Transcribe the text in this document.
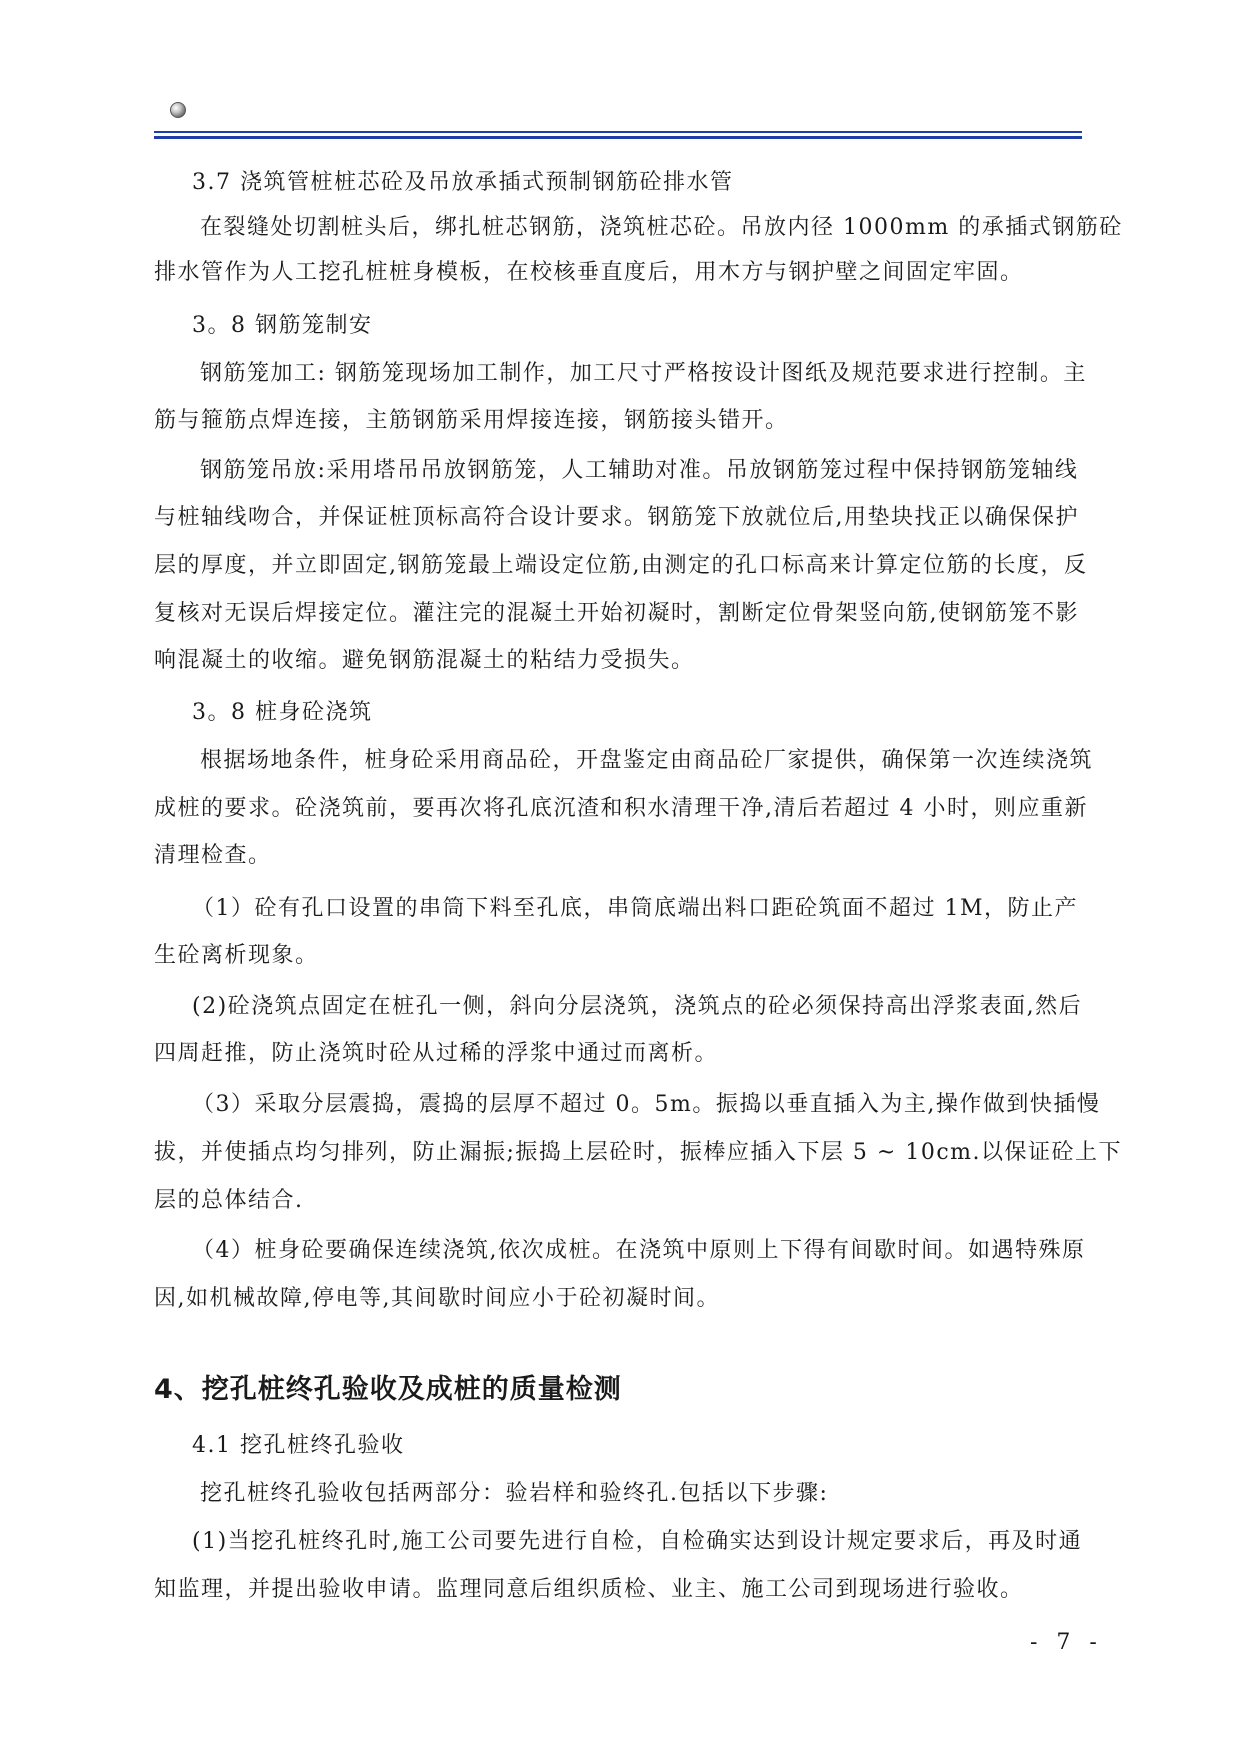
3.7 浇筑管桩桩芯砼及吊放承插式预制钢筋砼排水管
在裂缝处切割桩头后，绑扎桩芯钢筋，浇筑桩芯砼。吊放内径 1000mm 的承插式钢筋砼
排水管作为人工挖孔桩桩身模板，在校核垂直度后，用木方与钢护壁之间固定牢固。
3。8 钢筋笼制安
钢筋笼加工: 钢筋笼现场加工制作，加工尺寸严格按设计图纸及规范要求进行控制。主
筋与箍筋点焊连接，主筋钢筋采用焊接连接，钢筋接头错开。
钢筋笼吊放:采用塔吊吊放钢筋笼，人工辅助对准。吊放钢筋笼过程中保持钢筋笼轴线
与桩轴线吻合，并保证桩顶标高符合设计要求。钢筋笼下放就位后,用垫块找正以确保保护
层的厚度，并立即固定,钢筋笼最上端设定位筋,由测定的孔口标高来计算定位筋的长度，反
复核对无误后焊接定位。灌注完的混凝土开始初凝时，割断定位骨架竖向筋,使钢筋笼不影
响混凝土的收缩。避免钢筋混凝土的粘结力受损失。
3。8 桩身砼浇筑
根据场地条件，桩身砼采用商品砼，开盘鉴定由商品砼厂家提供，确保第一次连续浇筑
成桩的要求。砼浇筑前，要再次将孔底沉渣和积水清理干净,清后若超过 4 小时，则应重新
清理检查。
（1）砼有孔口设置的串筒下料至孔底，串筒底端出料口距砼筑面不超过 1M，防止产
生砼离析现象。
(2)砼浇筑点固定在桩孔一侧，斜向分层浇筑，浇筑点的砼必须保持高出浮浆表面,然后
四周赶推，防止浇筑时砼从过稀的浮浆中通过而离析。
（3）采取分层震捣，震捣的层厚不超过 0。5m。振捣以垂直插入为主,操作做到快插慢
拔，并使插点均匀排列，防止漏振;振捣上层砼时，振棒应插入下层 5 ~ 10cm.以保证砼上下
层的总体结合.
（4）桩身砼要确保连续浇筑,依次成桩。在浇筑中原则上下得有间歇时间。如遇特殊原
因,如机械故障,停电等,其间歇时间应小于砼初凝时间。
4、挖孔桩终孔验收及成桩的质量检测
4.1 挖孔桩终孔验收
挖孔桩终孔验收包括两部分：验岩样和验终孔.包括以下步骤:
(1)当挖孔桩终孔时,施工公司要先进行自检，自检确实达到设计规定要求后，再及时通
知监理，并提出验收申请。监理同意后组织质检、业主、施工公司到现场进行验收。
- 7 -
